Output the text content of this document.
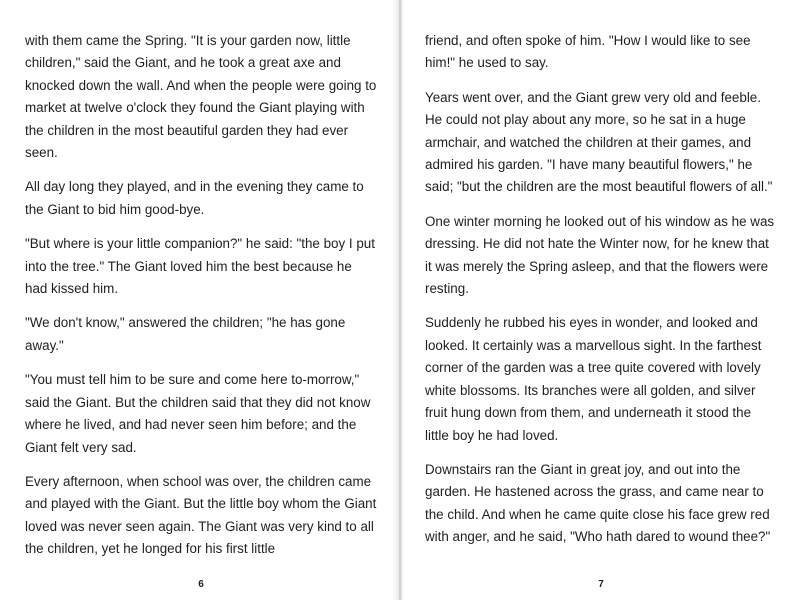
with them came the Spring. "It is your garden now, little children," said the Giant, and he took a great axe and knocked down the wall. And when the people were going to market at twelve o'clock they found the Giant playing with the children in the most beautiful garden they had ever seen.

All day long they played, and in the evening they came to the Giant to bid him good-bye.

"But where is your little companion?" he said: "the boy I put into the tree." The Giant loved him the best because he had kissed him.

"We don't know," answered the children; "he has gone away."

"You must tell him to be sure and come here to-morrow," said the Giant. But the children said that they did not know where he lived, and had never seen him before; and the Giant felt very sad.

Every afternoon, when school was over, the children came and played with the Giant. But the little boy whom the Giant loved was never seen again. The Giant was very kind to all the children, yet he longed for his first little

6

friend, and often spoke of him. "How I would like to see him!" he used to say.

Years went over, and the Giant grew very old and feeble. He could not play about any more, so he sat in a huge armchair, and watched the children at their games, and admired his garden. "I have many beautiful flowers," he said; "but the children are the most beautiful flowers of all."

One winter morning he looked out of his window as he was dressing. He did not hate the Winter now, for he knew that it was merely the Spring asleep, and that the flowers were resting.

Suddenly he rubbed his eyes in wonder, and looked and looked. It certainly was a marvellous sight. In the farthest corner of the garden was a tree quite covered with lovely white blossoms. Its branches were all golden, and silver fruit hung down from them, and underneath it stood the little boy he had loved.

Downstairs ran the Giant in great joy, and out into the garden. He hastened across the grass, and came near to the child. And when he came quite close his face grew red with anger, and he said, "Who hath dared to wound thee?"

7
